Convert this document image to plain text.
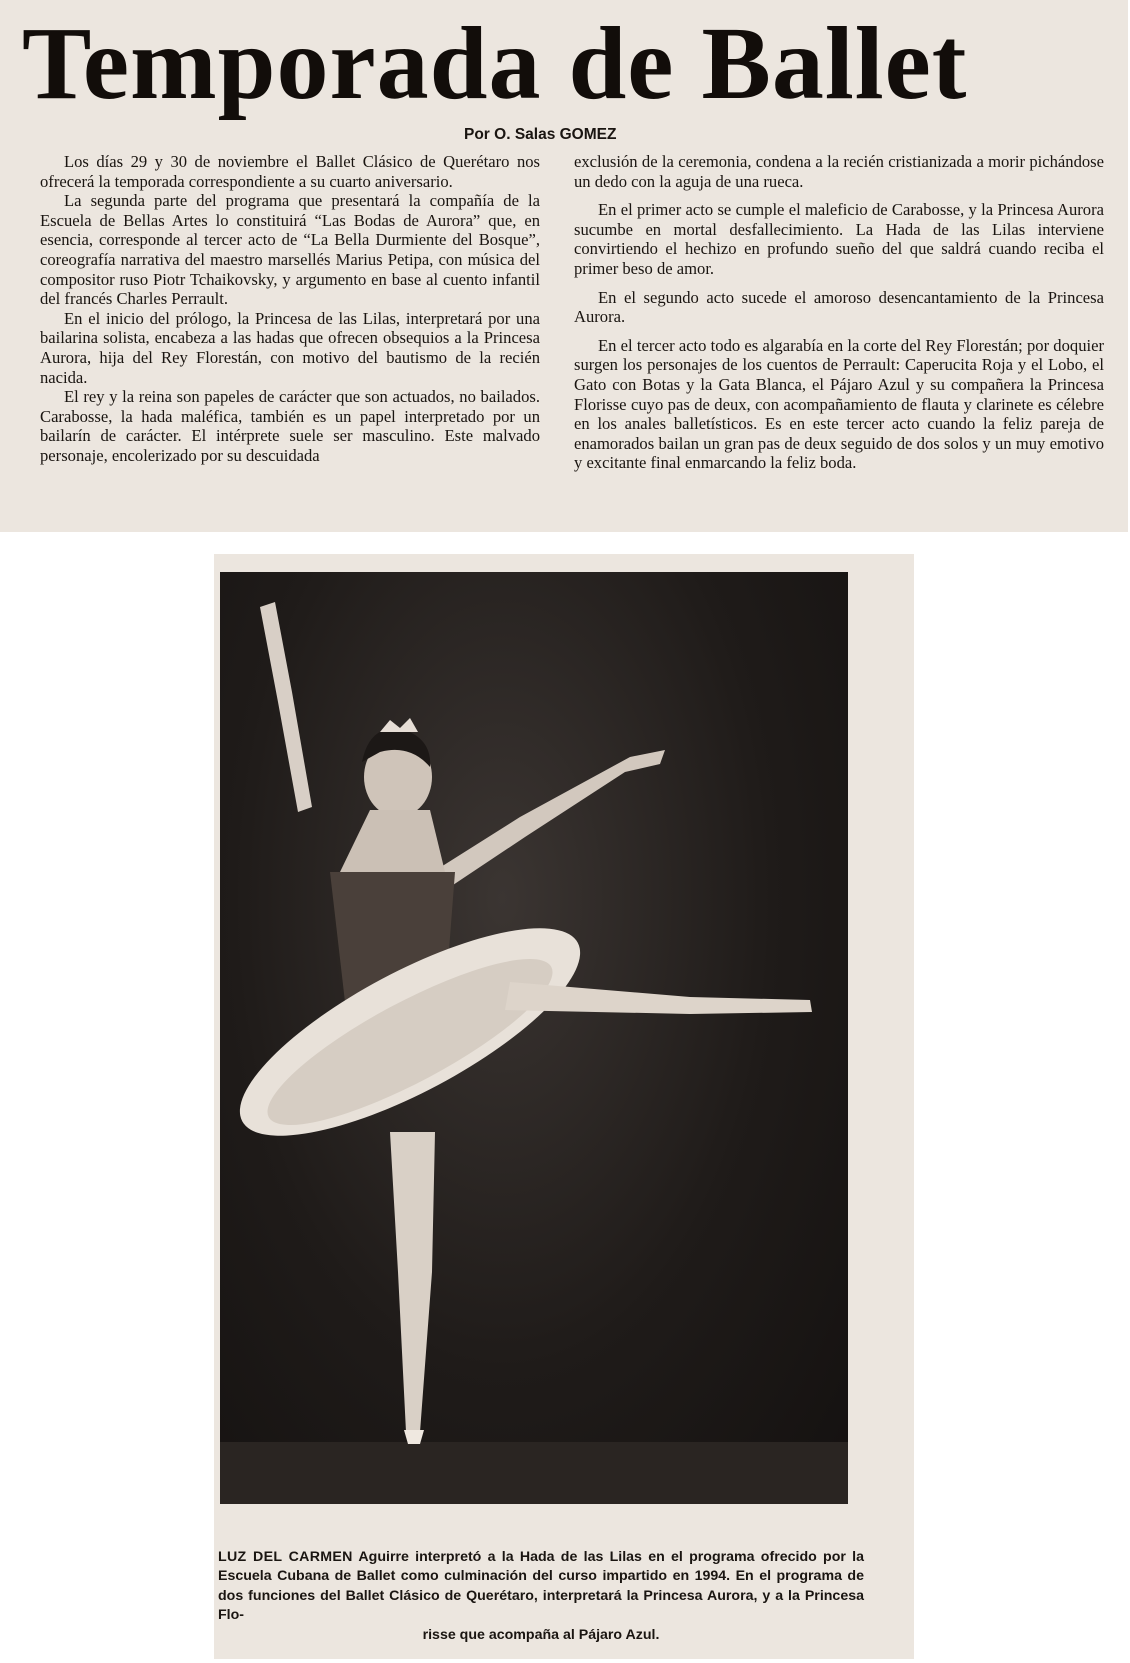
Temporada de Ballet
Por O. Salas GOMEZ

Los días 29 y 30 de noviembre el Ballet Clásico de Querétaro nos ofrecerá la temporada correspondiente a su cuarto aniversario.

La segunda parte del programa que presentará la compañía de la Escuela de Bellas Artes lo constituirá “Las Bodas de Aurora” que, en esencia, corresponde al tercer acto de “La Bella Durmiente del Bosque”, coreografía narrativa del maestro marsellés Marius Petipa, con música del compositor ruso Piotr Tchaikovsky, y argumento en base al cuento infantil del francés Charles Perrault.

En el inicio del prólogo, la Princesa de las Lilas, interpretará por una bailarina solista, encabeza a las hadas que ofrecen obsequios a la Princesa Aurora, hija del Rey Florestán, con motivo del bautismo de la recién nacida.

El rey y la reina son papeles de carácter que son actuados, no bailados. Carabosse, la hada maléfica, también es un papel interpretado por un bailarín de carácter. El intérprete suele ser masculino. Este malvado personaje, encolerizado por su descuidada

exclusión de la ceremonia, condena a la recién cristianizada a morir pichándose un dedo con la aguja de una rueca.

En el primer acto se cumple el maleficio de Carabosse, y la Princesa Aurora sucumbe en mortal desfallecimiento. La Hada de las Lilas interviene convirtiendo el hechizo en profundo sueño del que saldrá cuando reciba el primer beso de amor.

En el segundo acto sucede el amoroso desencantamiento de la Princesa Aurora.

En el tercer acto todo es algarabía en la corte del Rey Florestán; por doquier surgen los personajes de los cuentos de Perrault: Caperucita Roja y el Lobo, el Gato con Botas y la Gata Blanca, el Pájaro Azul y su compañera la Princesa Florisse cuyo pas de deux, con acompañamiento de flauta y clarinete es célebre en los anales balletísticos. Es en este tercer acto cuando la feliz pareja de enamorados bailan un gran pas de deux seguido de dos solos y un muy emotivo y excitante final enmarcando la feliz boda.

LUZ DEL CARMEN Aguirre interpretó a la Hada de las Lilas en el programa ofrecido por la Escuela Cubana de Ballet como culminación del curso impartido en 1994. En el programa de dos funciones del Ballet Clásico de Querétaro, interpretará la Princesa Aurora, y a la Princesa Flo-
risse que acompaña al Pájaro Azul.
